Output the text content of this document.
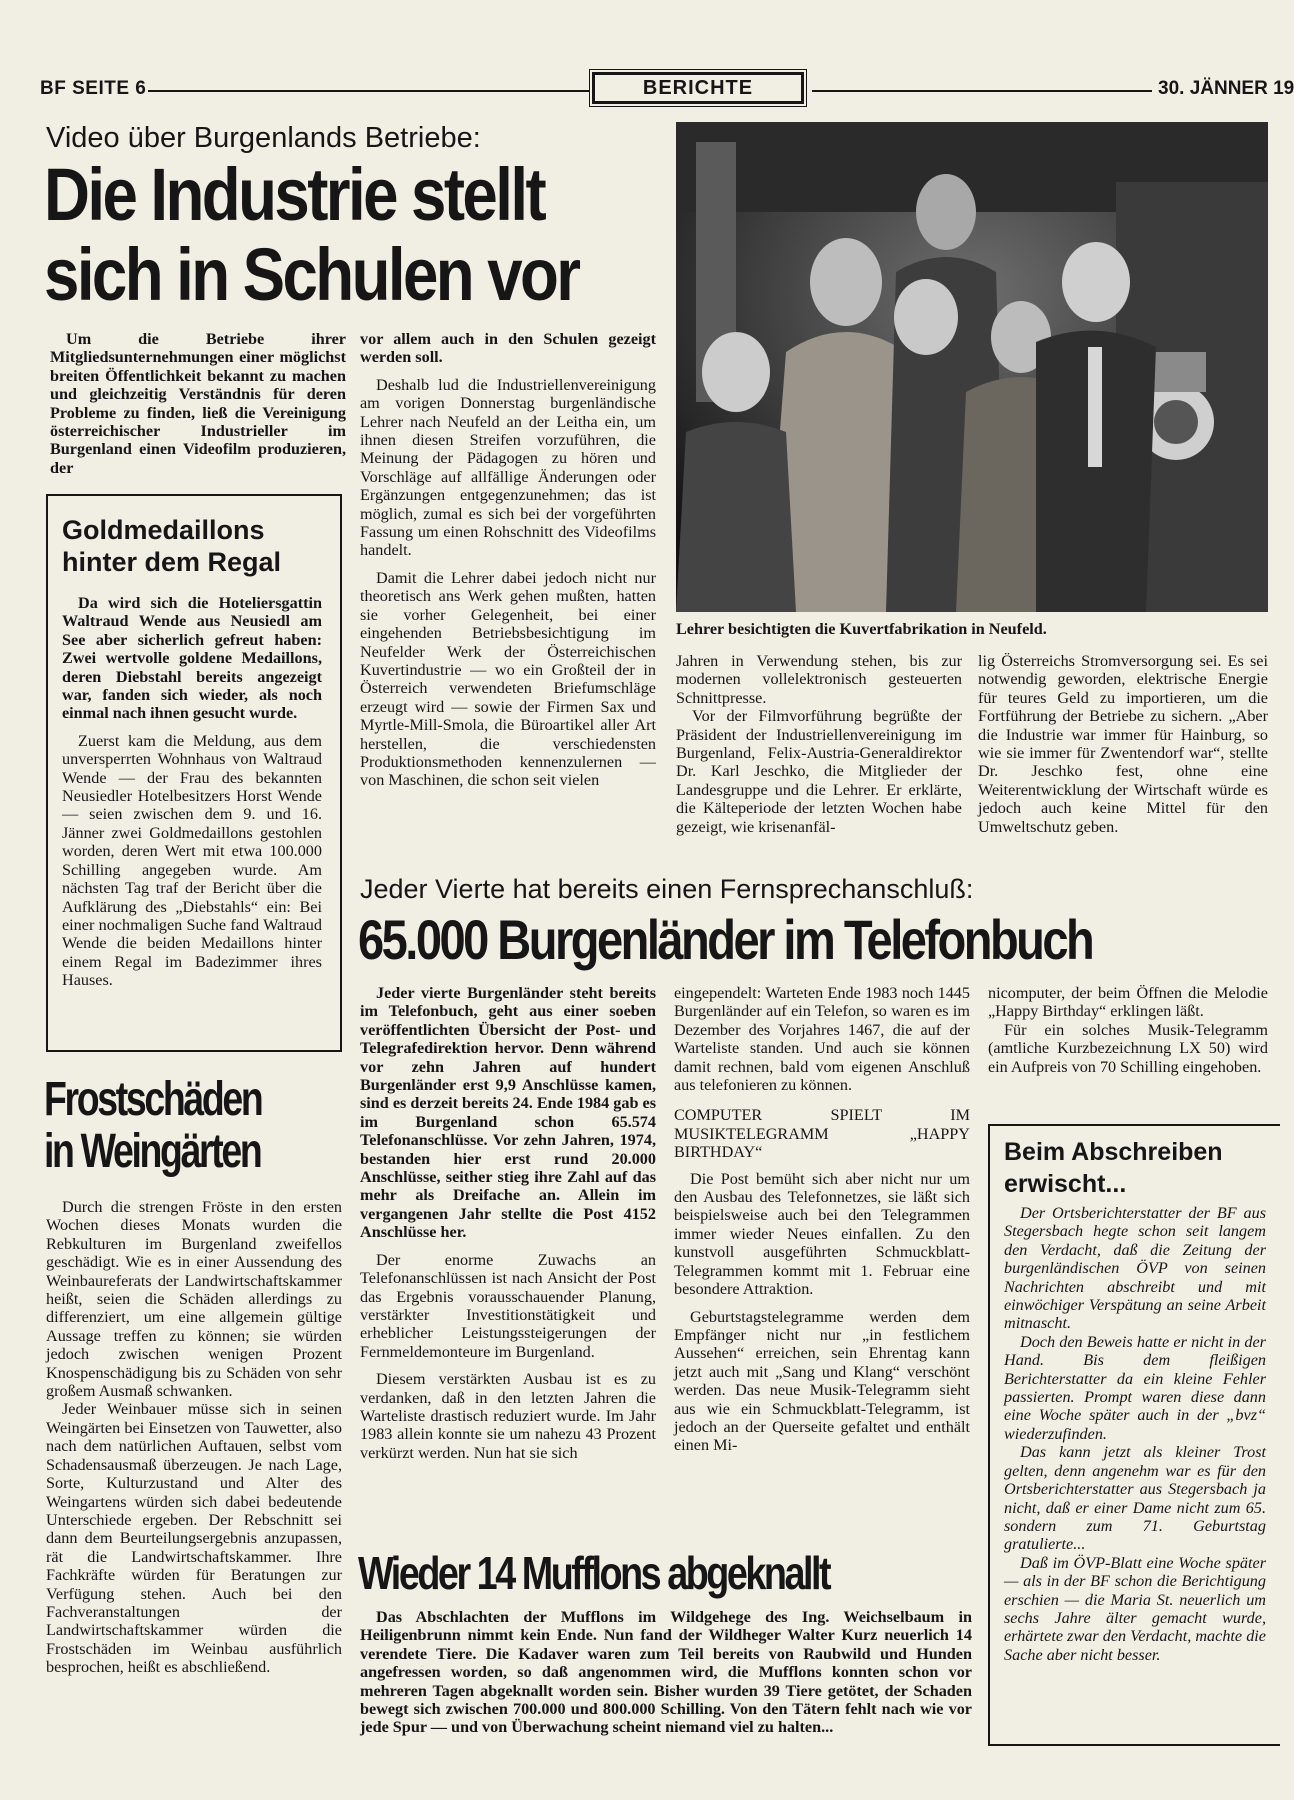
BF SEITE 6	BERICHTE	30. JÄNNER 19
Video über Burgenlands Betriebe:
Die Industrie stellt
sich in Schulen vor

Um die Betriebe ihrer Mitgliedsunternehmungen einer möglichst breiten Öffentlichkeit bekannt zu machen und gleichzeitig Verständnis für deren Probleme zu finden, ließ die Vereinigung österreichischer Industrieller im Burgenland einen Videofilm produzieren, der

vor allem auch in den Schulen gezeigt werden soll.

Deshalb lud die Industriellenvereinigung am vorigen Donnerstag burgenländische Lehrer nach Neufeld an der Leitha ein, um ihnen diesen Streifen vorzuführen, die Meinung der Pädagogen zu hören und Vorschläge auf allfällige Änderungen oder Ergänzungen entgegenzunehmen; das ist möglich, zumal es sich bei der vorgeführten Fassung um einen Rohschnitt des Videofilms handelt.

Damit die Lehrer dabei jedoch nicht nur theoretisch ans Werk gehen mußten, hatten sie vorher Gelegenheit, bei einer eingehenden Betriebsbesichtigung im Neufelder Werk der Österreichischen Kuvertindustrie — wo ein Großteil der in Österreich verwendeten Briefumschläge erzeugt wird — sowie der Firmen Sax und Myrtle-Mill-Smola, die Büroartikel aller Art herstellen, die verschiedensten Produktionsmethoden kennenzulernen — von Maschinen, die schon seit vielen

Lehrer besichtigten die Kuvertfabrikation in Neufeld.

Jahren in Verwendung stehen, bis zur modernen vollelektronisch gesteuerten Schnittpresse.

Vor der Filmvorführung begrüßte der Präsident der Industriellenvereinigung im Burgenland, Felix-Austria-Generaldirektor Dr. Karl Jeschko, die Mitglieder der Landesgruppe und die Lehrer. Er erklärte, die Kälteperiode der letzten Wochen habe gezeigt, wie krisenanfäl-

lig Österreichs Stromversorgung sei. Es sei notwendig geworden, elektrische Energie für teures Geld zu importieren, um die Fortführung der Betriebe zu sichern. „Aber die Industrie war immer für Hainburg, so wie sie immer für Zwentendorf war“, stellte Dr. Jeschko fest, ohne eine Weiterentwicklung der Wirtschaft würde es jedoch auch keine Mittel für den Umweltschutz geben.

Goldmedaillons
hinter dem Regal

Da wird sich die Hoteliersgattin Waltraud Wende aus Neusiedl am See aber sicherlich gefreut haben: Zwei wertvolle goldene Medaillons, deren Diebstahl bereits angezeigt war, fanden sich wieder, als noch einmal nach ihnen gesucht wurde.

Zuerst kam die Meldung, aus dem unversperrten Wohnhaus von Waltraud Wende — der Frau des bekannten Neusiedler Hotelbesitzers Horst Wende — seien zwischen dem 9. und 16. Jänner zwei Goldmedaillons gestohlen worden, deren Wert mit etwa 100.000 Schilling angegeben wurde. Am nächsten Tag traf der Bericht über die Aufklärung des „Diebstahls“ ein: Bei einer nochmaligen Suche fand Waltraud Wende die beiden Medaillons hinter einem Regal im Badezimmer ihres Hauses.

Frostschäden
in Weingärten

Durch die strengen Fröste in den ersten Wochen dieses Monats wurden die Rebkulturen im Burgenland zweifellos geschädigt. Wie es in einer Aussendung des Weinbaureferats der Landwirtschaftskammer heißt, seien die Schäden allerdings zu differenziert, um eine allgemein gültige Aussage treffen zu können; sie würden jedoch zwischen wenigen Prozent Knospenschädigung bis zu Schäden von sehr großem Ausmaß schwanken.

Jeder Weinbauer müsse sich in seinen Weingärten bei Einsetzen von Tauwetter, also nach dem natürlichen Auftauen, selbst vom Schadensausmaß überzeugen. Je nach Lage, Sorte, Kulturzustand und Alter des Weingartens würden sich dabei bedeutende Unterschiede ergeben. Der Rebschnitt sei dann dem Beurteilungsergebnis anzupassen, rät die Landwirtschaftskammer. Ihre Fachkräfte würden für Beratungen zur Verfügung stehen. Auch bei den Fachveranstaltungen der Landwirtschaftskammer würden die Frostschäden im Weinbau ausführlich besprochen, heißt es abschließend.

Jeder Vierte hat bereits einen Fernsprechanschluß:
65.000 Burgenländer im Telefonbuch

Jeder vierte Burgenländer steht bereits im Telefonbuch, geht aus einer soeben veröffentlichten Übersicht der Post- und Telegrafedirektion hervor. Denn während vor zehn Jahren auf hundert Burgenländer erst 9,9 Anschlüsse kamen, sind es derzeit bereits 24. Ende 1984 gab es im Burgenland schon 65.574 Telefonanschlüsse. Vor zehn Jahren, 1974, bestanden hier erst rund 20.000 Anschlüsse, seither stieg ihre Zahl auf das mehr als Dreifache an. Allein im vergangenen Jahr stellte die Post 4152 Anschlüsse her.

Der enorme Zuwachs an Telefonanschlüssen ist nach Ansicht der Post das Ergebnis vorausschauender Planung, verstärkter Investitionstätigkeit und erheblicher Leistungssteigerungen der Fernmeldemonteure im Burgenland.

Diesem verstärkten Ausbau ist es zu verdanken, daß in den letzten Jahren die Warteliste drastisch reduziert wurde. Im Jahr 1983 allein konnte sie um nahezu 43 Prozent verkürzt werden. Nun hat sie sich

eingependelt: Warteten Ende 1983 noch 1445 Burgenländer auf ein Telefon, so waren es im Dezember des Vorjahres 1467, die auf der Warteliste standen. Und auch sie können damit rechnen, bald vom eigenen Anschluß aus telefonieren zu können.

COMPUTER SPIELT IM MUSIKTELEGRAMM „HAPPY BIRTHDAY“

Die Post bemüht sich aber nicht nur um den Ausbau des Telefonnetzes, sie läßt sich beispielsweise auch bei den Telegrammen immer wieder Neues einfallen. Zu den kunstvoll ausgeführten Schmuckblatt-Telegrammen kommt mit 1. Februar eine besondere Attraktion.

Geburtstagstelegramme werden dem Empfänger nicht nur „in festlichem Aussehen“ erreichen, sein Ehrentag kann jetzt auch mit „Sang und Klang“ verschönt werden. Das neue Musik-Telegramm sieht aus wie ein Schmuckblatt-Telegramm, ist jedoch an der Querseite gefaltet und enthält einen Mi-

nicomputer, der beim Öffnen die Melodie „Happy Birthday“ erklingen läßt.

Für ein solches Musik-Telegramm (amtliche Kurzbezeichnung LX 50) wird ein Aufpreis von 70 Schilling eingehoben.

Wieder 14 Mufflons abgeknallt

Das Abschlachten der Mufflons im Wildgehege des Ing. Weichselbaum in Heiligenbrunn nimmt kein Ende. Nun fand der Wildheger Walter Kurz neuerlich 14 verendete Tiere. Die Kadaver waren zum Teil bereits von Raubwild und Hunden angefressen worden, so daß angenommen wird, die Mufflons konnten schon vor mehreren Tagen abgeknallt worden sein. Bisher wurden 39 Tiere getötet, der Schaden bewegt sich zwischen 700.000 und 800.000 Schilling. Von den Tätern fehlt nach wie vor jede Spur — und von Überwachung scheint niemand viel zu halten...

Beim Abschreiben
erwischt...

Der Ortsberichterstatter der BF aus Stegersbach hegte schon seit langem den Verdacht, daß die Zeitung der burgenländischen ÖVP von seinen Nachrichten abschreibt und mit einwöchiger Verspätung an seine Arbeit mitnascht.

Doch den Beweis hatte er nicht in der Hand. Bis dem fleißigen Berichterstatter da ein kleine Fehler passierten. Prompt waren diese dann eine Woche später auch in der „bvz“ wiederzufinden.

Das kann jetzt als kleiner Trost gelten, denn angenehm war es für den Ortsberichterstatter aus Stegersbach ja nicht, daß er einer Dame nicht zum 65. sondern zum 71. Geburtstag gratulierte...

Daß im ÖVP-Blatt eine Woche später — als in der BF schon die Berichtigung erschien — die Maria St. neuerlich um sechs Jahre älter gemacht wurde, erhärtete zwar den Verdacht, machte die Sache aber nicht besser.
